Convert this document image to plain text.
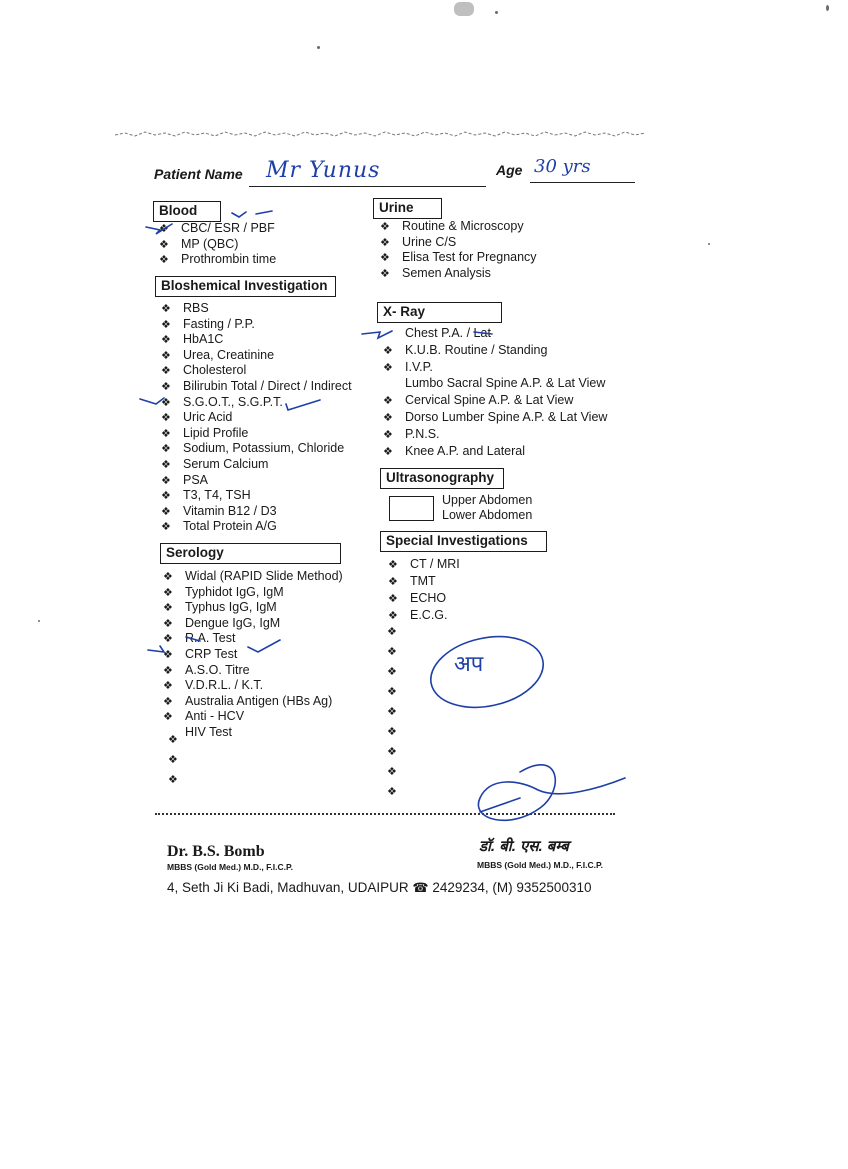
Patient Name Mr Yunus	Age 30 yrs
Blood
❖ CBC/ ESR / PBF
❖ MP (QBC)
❖ Prothrombin time
Bloshemical Investigation
❖ RBS
❖ Fasting / P.P.
❖ HbA1C
❖ Urea, Creatinine
❖ Cholesterol
❖ Bilirubin Total / Direct / Indirect
❖ S.G.O.T., S.G.P.T.
❖ Uric Acid
❖ Lipid Profile
❖ Sodium, Potassium, Chloride
❖ Serum Calcium
❖ PSA
❖ T3, T4, TSH
❖ Vitamin B12 / D3
❖ Total Protein A/G
Serology
❖ Widal (RAPID Slide Method)
❖ Typhidot IgG, IgM
❖ Typhus IgG, IgM
❖ Dengue IgG, IgM
❖ R.A. Test
❖ CRP Test
❖ A.S.O. Titre
❖ V.D.R.L. / K.T.
❖ Australia Antigen (HBs Ag)
❖ Anti - HCV
HIV Test
❖
❖
❖
Urine
❖ Routine & Microscopy
❖ Urine C/S
❖ Elisa Test for Pregnancy
❖ Semen Analysis
X- Ray
Chest P.A. / Lat
❖ K.U.B. Routine / Standing
❖ I.V.P.
Lumbo Sacral Spine A.P. & Lat View
❖ Cervical Spine A.P. & Lat View
❖ Dorso Lumber Spine A.P. & Lat View
❖ P.N.S.
❖ Knee A.P. and Lateral
Ultrasonography
Upper Abdomen
Lower Abdomen
Special Investigations
❖ CT / MRI
❖ TMT
❖ ECHO
❖ E.C.G.
❖
❖
❖
❖
❖
❖
❖
❖
❖
Dr. B.S. Bomb
MBBS (Gold Med.) M.D., F.I.C.P.
डॉ. बी. एस. बम्ब
MBBS (Gold Med.) M.D., F.I.C.P.
4, Seth Ji Ki Badi, Madhuvan, UDAIPUR ☎ 2429234, (M) 9352500310
अप
